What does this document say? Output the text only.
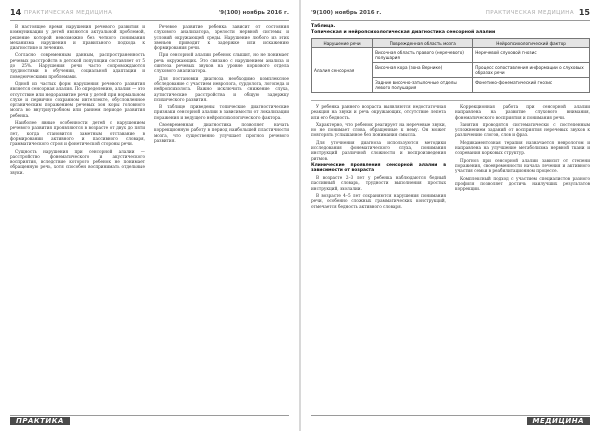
14 ПРАКТИЧЕСКАЯ МЕДИЦИНА	'9(100) ноябрь 2016 г.

В настоящее время нарушения речевого развития и коммуникации у детей являются актуальной проблемой, решение которой невозможно без четкого понимания механизма нарушения и правильного подхода к диагностике и лечению.

Согласно современным данным, распространенность речевых расстройств в детской популяции составляет от 5 до 25%. Нарушения речи часто сопровождаются трудностями в обучении, социальной адаптации и поведенческими проблемами.

Одной из частых форм нарушения речевого развития является сенсорная алалия. По определению, алалия — это отсутствие или недоразвитие речи у детей при нормальном слухе и первично сохранном интеллекте, обусловленное органическим поражением речевых зон коры головного мозга во внутриутробном или раннем периоде развития ребенка.

Наиболее явные особенности детей с нарушением речевого развития проявляются в возрасте от двух до пяти лет, когда становится заметным отставание в формировании активного и пассивного словаря, грамматического строя и фонетической стороны речи.

Сущность нарушения при сенсорной алалии — расстройство фонематического и акустического восприятия, вследствие которого ребенок не понимает обращенную речь, хотя способен воспринимать отдельные звуки.

Речевое развитие ребенка зависит от состояния слухового анализатора, зрелости нервной системы и условий окружающей среды. Нарушение любого из этих звеньев приводит к задержке или искажению формирования речи.

При сенсорной алалии ребенок слышит, но не понимает речь окружающих. Это связано с нарушением анализа и синтеза речевых звуков на уровне коркового отдела слухового анализатора.

Для постановки диагноза необходимо комплексное обследование с участием невролога, сурдолога, логопеда и нейропсихолога. Важно исключить снижение слуха, аутистические расстройства и общую задержку психического развития.

В таблице приведены топические диагностические признаки сенсорной алалии в зависимости от локализации поражения и ведущего нейропсихологического фактора.

Своевременная диагностика позволяет начать коррекционную работу в период наибольшей пластичности мозга, что существенно улучшает прогноз речевого развития.

ПРАКТИКА
'9(100) ноябрь 2016 г.	ПРАКТИЧЕСКАЯ МЕДИЦИНА 15
Таблица.
Топическая и нейропсихологическая диагностика сенсорной алалии
Нарушение речи	Поврежденная область мозга	Нейропсихологический фактор
Алалия сенсорная	Височная область правого (неречевого) полушария	Неречевой слуховой гнозис
	Височная кора (зона Вернике)	Процесс сопоставления информации о слуховых образах речи
	Задние височно-затылочные отделы левого полушария	Фонетико-фонематический гнозис

У ребенка раннего возраста выявляются недостаточная реакция на звуки и речь окружающих, отсутствие лепета или его бедность.

Характерно, что ребенок реагирует на неречевые звуки, но не понимает слова, обращенные к нему. Он может повторять услышанное без понимания смысла.

Для уточнения диагноза используются методики исследования фонематического слуха, понимания инструкций различной сложности и воспроизведения ритмов.

Клинические проявления сенсорной алалии в зависимости от возраста

В возрасте 2–3 лет у ребенка наблюдаются бедный пассивный словарь, трудности выполнения простых инструкций, эхолалии.

В возрасте 4–5 лет сохраняются нарушения понимания речи, особенно сложных грамматических конструкций, отмечается бедность активного словаря.

Коррекционная работа при сенсорной алалии направлена на развитие слухового внимания, фонематического восприятия и понимания речи.

Занятия проводятся систематически с постепенным усложнением заданий от восприятия неречевых звуков к различению слогов, слов и фраз.

Медикаментозная терапия назначается неврологом и направлена на улучшение метаболизма нервной ткани и созревания корковых структур.

Прогноз при сенсорной алалии зависит от степени поражения, своевременности начала лечения и активного участия семьи в реабилитационном процессе.

Комплексный подход с участием специалистов разного профиля позволяет достичь наилучших результатов коррекции.

МЕДИЦИНА
